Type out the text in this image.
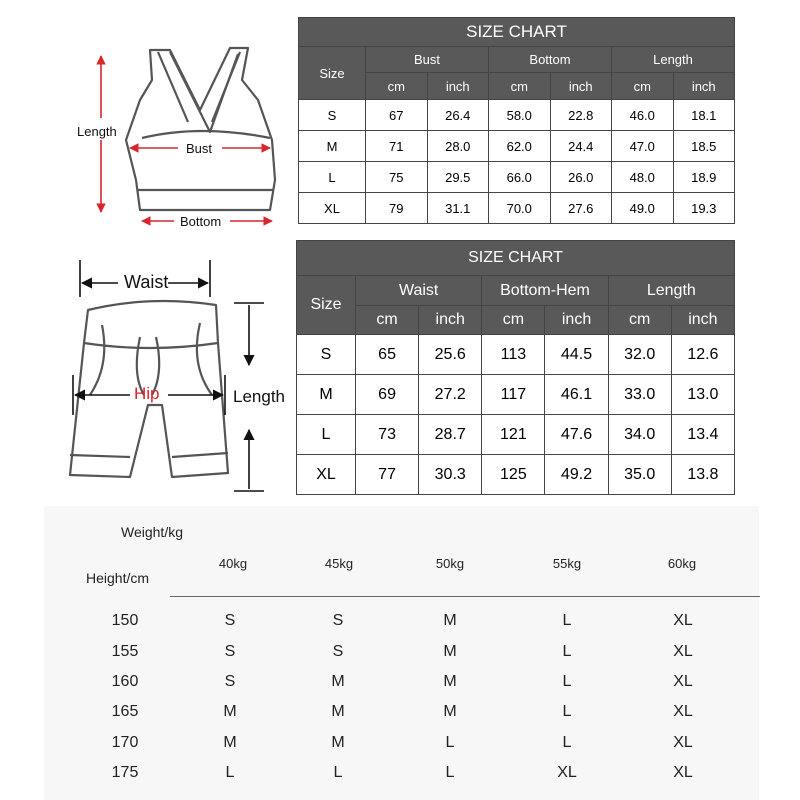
Length
Bust
Bottom
Waist
Hip	Length
SIZE CHART						
Size	Bust		Bottom		Length	
	cm	inch	cm	inch	cm	inch
S	67	26.4	58.0	22.8	46.0	18.1
M	71	28.0	62.0	24.4	47.0	18.5
L	75	29.5	66.0	26.0	48.0	18.9
XL	79	31.1	70.0	27.6	49.0	19.3
SIZE CHART						
Size	Waist		Bottom-Hem		Length	
	cm	inch	cm	inch	cm	inch
S	65	25.6	113	44.5	32.0	12.6
M	69	27.2	117	46.1	33.0	13.0
L	73	28.7	121	47.6	34.0	13.4
XL	77	30.3	125	49.2	35.0	13.8
Weight/kg
Height/cm
40kg	45kg	50kg	55kg	60kg
150	S	S	M	L	XL
155	S	S	M	L	XL
160	S	M	M	L	XL
165	M	M	M	L	XL
170	M	M	L	L	XL
175	L	L	L	XL	XL
